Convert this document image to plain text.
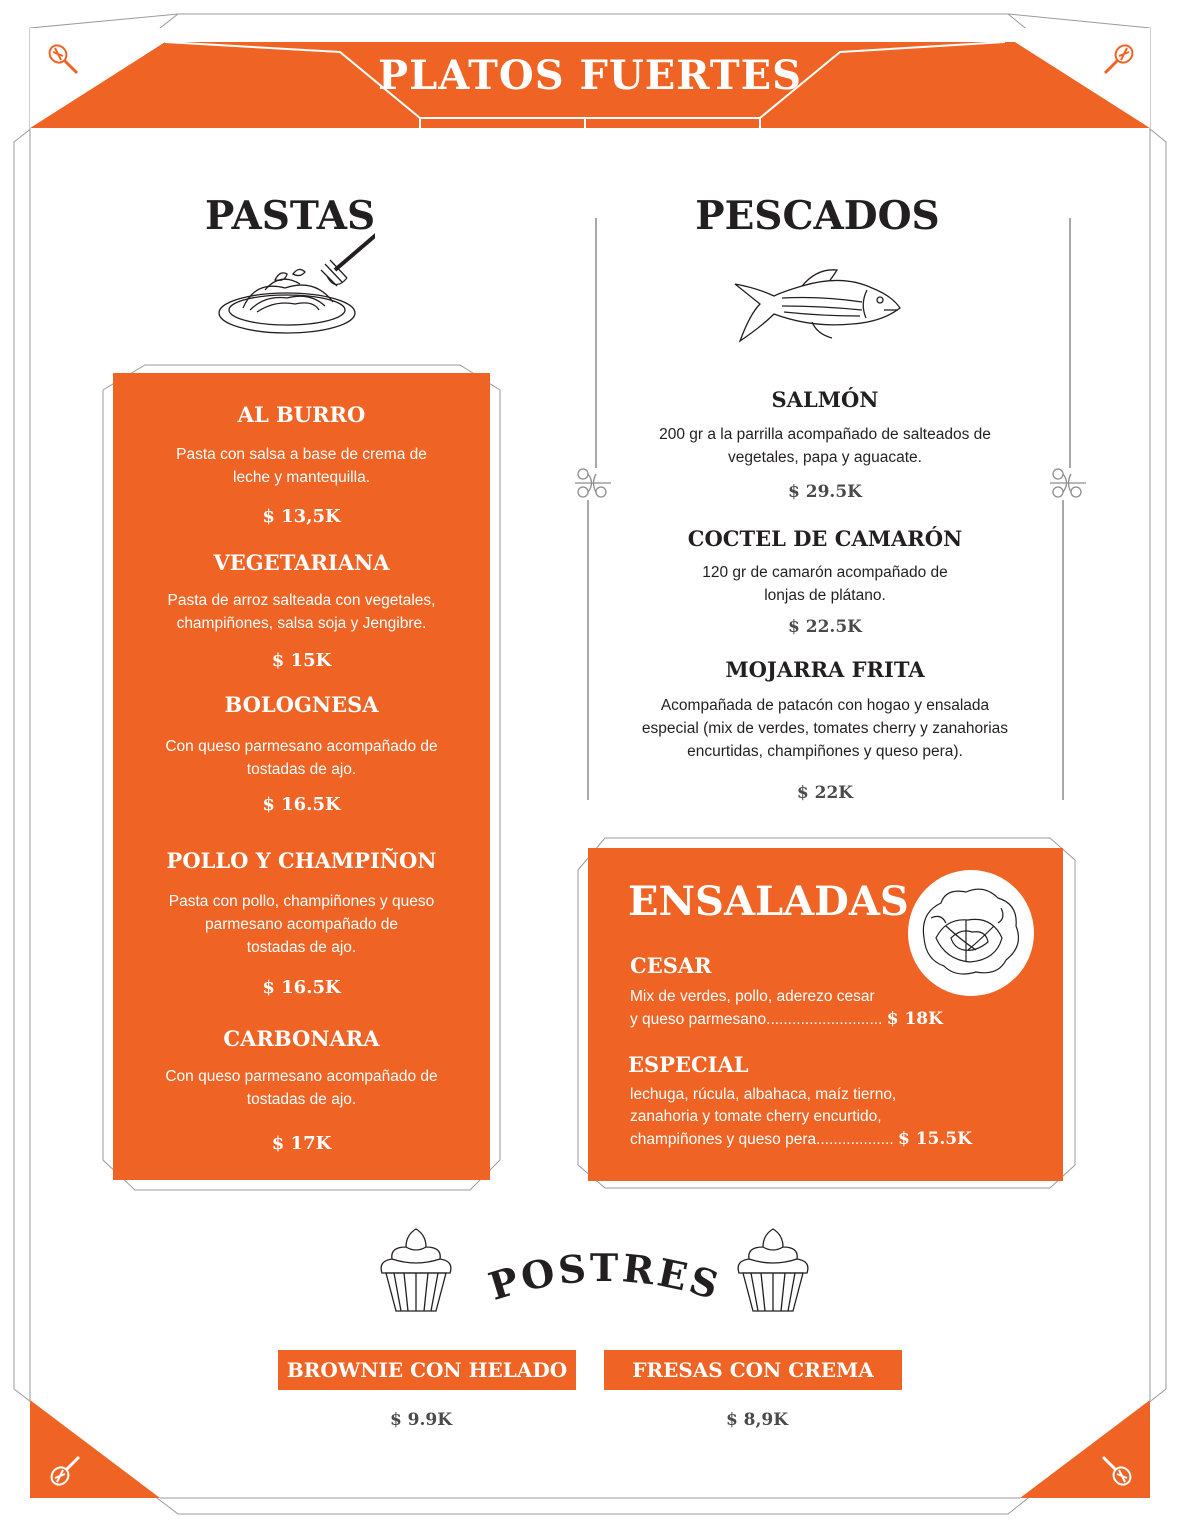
PLATOS FUERTES
PASTAS
AL BURRO
Pasta con salsa a base de crema de
leche y mantequilla.
$ 13,5K
VEGETARIANA
Pasta de arroz salteada con vegetales,
champiñones, salsa soja y Jengibre.
$ 15K
BOLOGNESA
Con queso parmesano acompañado de
tostadas de ajo.
$ 16.5K
POLLO Y CHAMPIÑON
Pasta con pollo, champiñones y queso
parmesano acompañado de
tostadas de ajo.
$ 16.5K
CARBONARA
Con queso parmesano acompañado de
tostadas de ajo.
$ 17K
PESCADOS
SALMÓN
200 gr a la parrilla acompañado de salteados de
vegetales, papa y aguacate.
$ 29.5K
COCTEL DE CAMARÓN
120 gr de camarón acompañado de
lonjas de plátano.
$ 22.5K
MOJARRA FRITA
Acompañada de patacón con hogao y ensalada
especial (mix de verdes, tomates cherry y zanahorias
encurtidas, champiñones y queso pera).
$ 22K
ENSALADAS
CESAR
Mix de verdes, pollo, aderezo cesar
y queso parmesano........................... $ 18K
ESPECIAL
lechuga, rúcula, albahaca, maíz tierno,
zanahoria y tomate cherry encurtido,
champiñones y queso pera.................. $ 15.5K
POSTRES
BROWNIE CON HELADO
$ 9.9K
FRESAS CON CREMA
$ 8,9K
